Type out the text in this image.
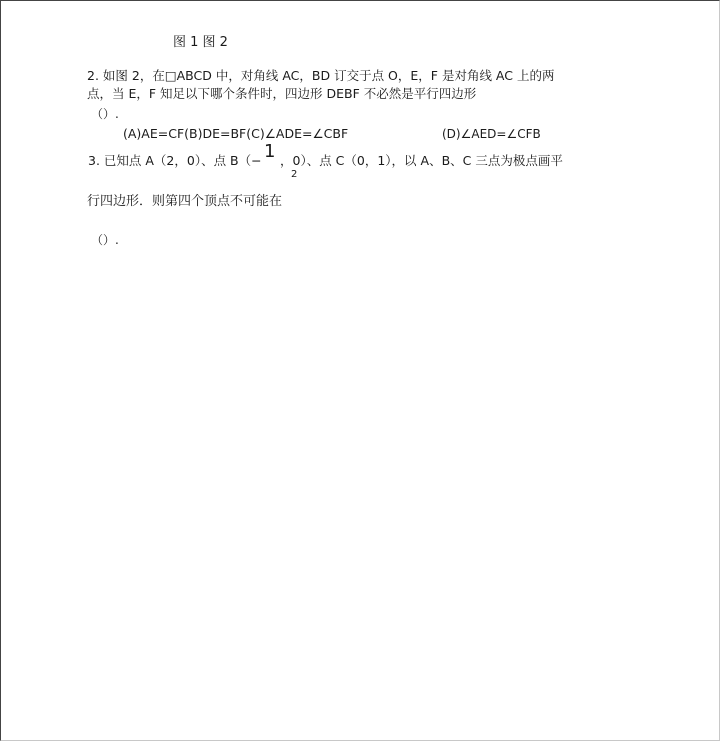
图 1 图 2
2. 如图 2，在□ABCD 中，对角线 AC，BD 订交于点 O，E，F 是对角线 AC 上的两
点，当 E，F 知足以下哪个条件时，四边形 DEBF 不必然是平行四边形
（）.
(A)AE=CF(B)DE=BF(C)∠ADE=∠CBF	(D)∠AED=∠CFB
3. 已知点 A（2，0）、点 B（− 1
2
，0）、点 C（0，1），以 A、B、C 三点为极点画平
行四边形．则第四个顶点不可能在
（）.
